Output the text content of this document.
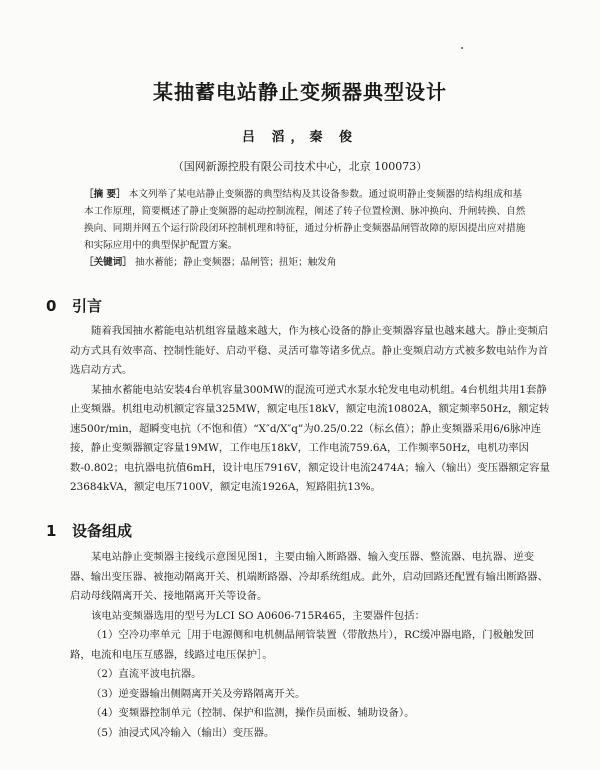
某抽蓄电站静止变频器典型设计
吕 滔，秦 俊
（国网新源控股有限公司技术中心，北京 100073）

［摘 要］ 本文列举了某电站静止变频器的典型结构及其设备参数。通过说明静止变频器的结构组成和基本工作原理，简要概述了静止变频器的起动控制流程，阐述了转子位置检测、脉冲换向、升闸转换、自然换向、同期并网五个运行阶段闭环控制机理和特征，通过分析静止变频器晶闸管故障的原因提出应对措施和实际应用中的典型保护配置方案。

［关键词］ 抽水蓄能；静止变频器；晶闸管；扭矩；触发角

0 引言

随着我国抽水蓄能电站机组容量越来越大，作为核心设备的静止变频器容量也越来越大。静止变频启动方式具有效率高、控制性能好、启动平稳、灵活可靠等诸多优点。静止变频启动方式被多数电站作为首选启动方式。

某抽水蓄能电站安装4台单机容量300MW的混流可逆式水泵水轮发电电动机组。4台机组共用1套静止变频器。机组电动机额定容量325MW，额定电压18kV，额定电流10802A，额定频率50Hz，额定转速500r/min，超瞬变电抗（不饱和值）“X″d/X″q”为0.25/0.22（标幺值）；静止变频器采用6/6脉冲连接，静止变频器额定容量19MW，工作电压18kV，工作电流759.6A，工作频率50Hz，电机功率因数-0.802；电抗器电抗值6mH，设计电压7916V，额定设计电流2474A；输入（输出）变压器额定容量23684kVA，额定电压7100V，额定电流1926A，短路阻抗13%。

1 设备组成

某电站静止变频器主接线示意图见图1，主要由输入断路器、输入变压器、整流器、电抗器、逆变器、输出变压器、被拖动隔离开关、机端断路器、冷却系统组成。此外，启动回路还配置有输出断路器、启动母线隔离开关、接地隔离开关等设备。

该电站变频器选用的型号为LCI SO A0606-715R465，主要器件包括：

（1）空冷功率单元［用于电源侧和电机侧晶闸管装置（带散热片），RC缓冲器电路，门极触发回路，电流和电压互感器，线路过电压保护］。

（2）直流平波电抗器。

（3）逆变器输出侧隔离开关及旁路隔离开关。

（4）变频器控制单元（控制、保护和监测，操作员面板、辅助设备）。

（5）油浸式风冷输入（输出）变压器。
